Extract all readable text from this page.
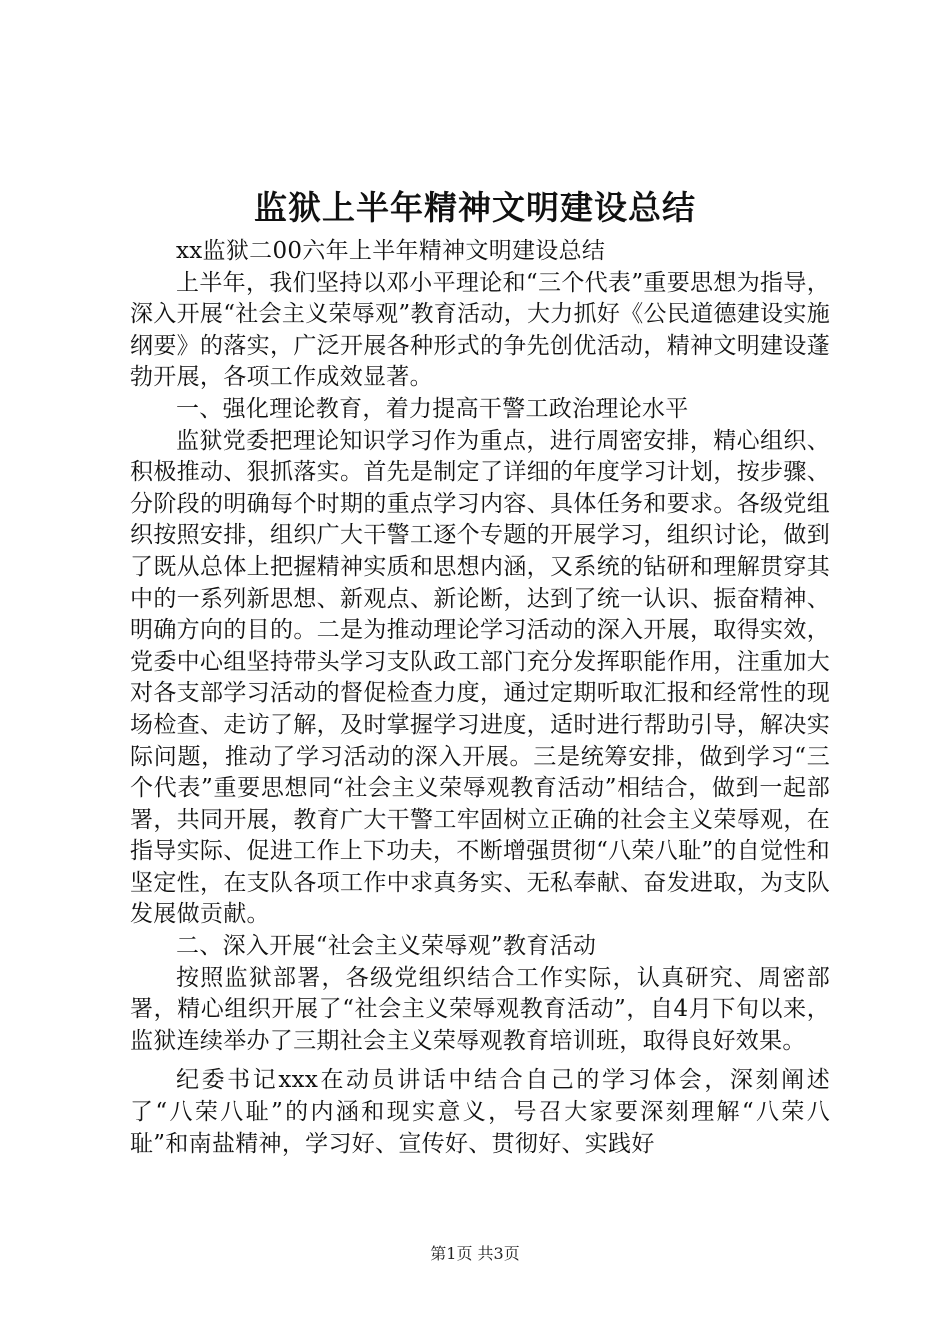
监狱上半年精神文明建设总结

xx监狱二00六年上半年精神文明建设总结

上半年，我们坚持以邓小平理论和“三个代表”重要思想为指导，深入开展“社会主义荣辱观”教育活动，大力抓好《公民道德建设实施纲要》的落实，广泛开展各种形式的争先创优活动，精神文明建设蓬勃开展，各项工作成效显著。

一、强化理论教育，着力提高干警工政治理论水平

监狱党委把理论知识学习作为重点，进行周密安排，精心组织、积极推动、狠抓落实。首先是制定了详细的年度学习计划，按步骤、分阶段的明确每个时期的重点学习内容、具体任务和要求。各级党组织按照安排，组织广大干警工逐个专题的开展学习，组织讨论，做到了既从总体上把握精神实质和思想内涵，又系统的钻研和理解贯穿其中的一系列新思想、新观点、新论断，达到了统一认识、振奋精神、明确方向的目的。二是为推动理论学习活动的深入开展，取得实效，党委中心组坚持带头学习支队政工部门充分发挥职能作用，注重加大对各支部学习活动的督促检查力度，通过定期听取汇报和经常性的现场检查、走访了解，及时掌握学习进度，适时进行帮助引导，解决实际问题，推动了学习活动的深入开展。三是统筹安排，做到学习“三个代表”重要思想同“社会主义荣辱观教育活动”相结合，做到一起部署，共同开展，教育广大干警工牢固树立正确的社会主义荣辱观，在指导实际、促进工作上下功夫，不断增强贯彻“八荣八耻”的自觉性和坚定性，在支队各项工作中求真务实、无私奉献、奋发进取，为支队发展做贡献。

二、深入开展“社会主义荣辱观”教育活动

按照监狱部署，各级党组织结合工作实际，认真研究、周密部署，精心组织开展了“社会主义荣辱观教育活动”，自4月下旬以来，监狱连续举办了三期社会主义荣辱观教育培训班，取得良好效果。

纪委书记xxx在动员讲话中结合自己的学习体会，深刻阐述了“八荣八耻”的内涵和现实意义，号召大家要深刻理解“八荣八耻”和南盐精神，学习好、宣传好、贯彻好、实践好

第1页 共3页
